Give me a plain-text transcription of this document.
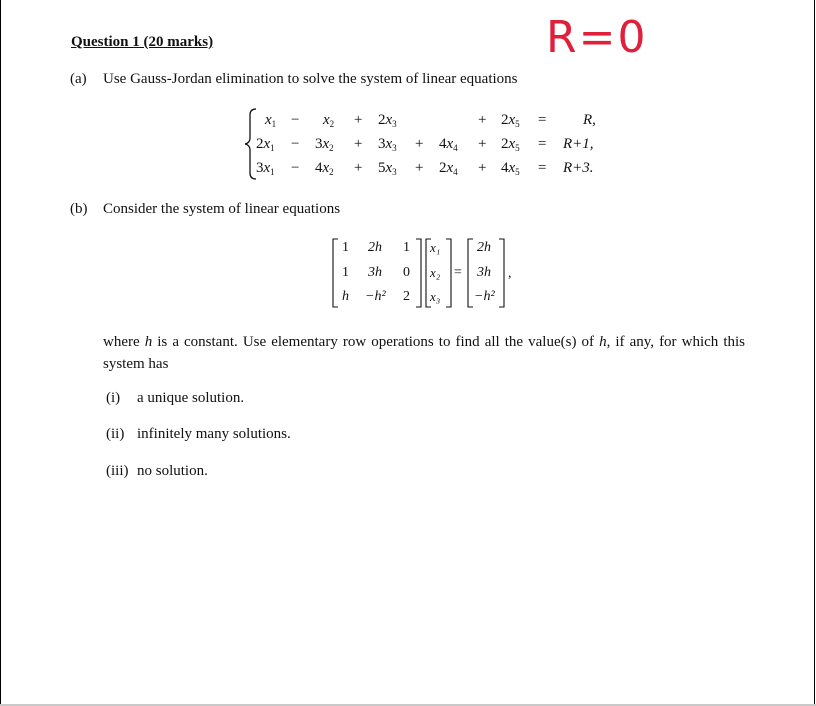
Question 1 (20 marks)	R=0
(a) Use Gauss-Jordan elimination to solve the system of linear equations
$x_1 - x_2 + 2x_3$	+ $2x_5 = R$,
$2x_1 - 3x_2 + 3x_3 + 4x_4 + 2x_5 = R+1$,
$3x_1 - 4x_2 + 5x_3 + 2x_4 + 4x_5 = R+3$.
(b) Consider the system of linear equations
1 2h 1
1 3h 0
h −h² 2
x₁
x₂
x₃
=
2h
3h
−h²
,
where h is a constant. Use elementary row operations to find all the value(s) of h, if any, for which this system has
(i) a unique solution.
(ii) infinitely many solutions.
(iii) no solution.
